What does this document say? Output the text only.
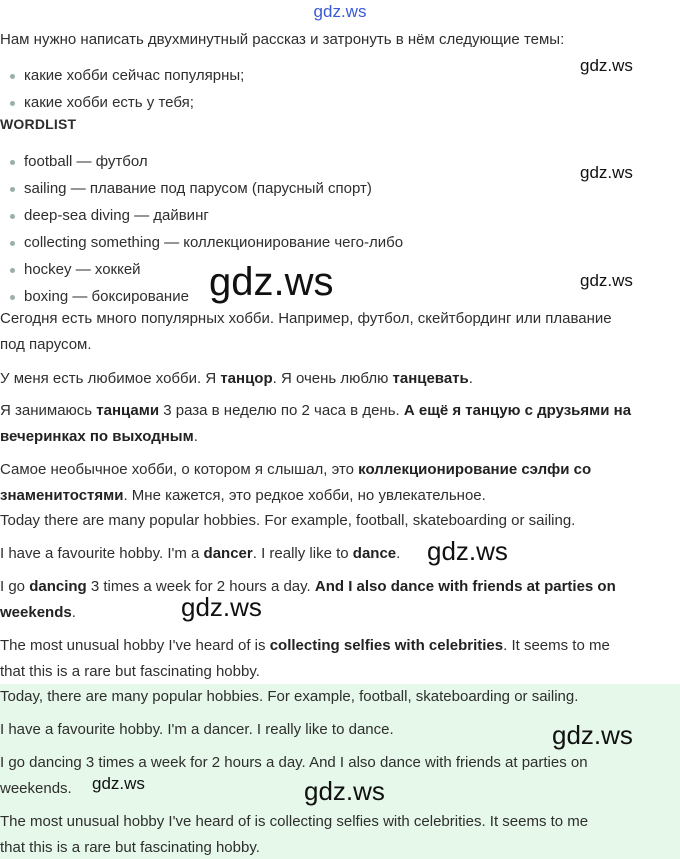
gdz.ws
Нам нужно написать двухминутный рассказ и затронуть в нём следующие темы:
какие хобби сейчас популярны;
какие хобби есть у тебя;
WORDLIST
football — футбол
sailing — плавание под парусом (парусный спорт)
deep-sea diving — дайвинг
collecting something — коллекционирование чего-либо
hockey — хоккей
boxing — боксирование
Сегодня есть много популярных хобби. Например, футбол, скейтбординг или плавание
под парусом.
У меня есть любимое хобби. Я танцор. Я очень люблю танцевать.
Я занимаюсь танцами 3 раза в неделю по 2 часа в день. А ещё я танцую с друзьями на
вечеринках по выходным.
Самое необычное хобби, о котором я слышал, это коллекционирование сэлфи со
знаменитостями. Мне кажется, это редкое хобби, но увлекательное.
Today there are many popular hobbies. For example, football, skateboarding or sailing.
I have a favourite hobby. I'm a dancer. I really like to dance.
I go dancing 3 times a week for 2 hours a day. And I also dance with friends at parties on
weekends.
The most unusual hobby I've heard of is collecting selfies with celebrities. It seems to me
that this is a rare but fascinating hobby.
Today, there are many popular hobbies. For example, football, skateboarding or sailing.
I have a favourite hobby. I'm a dancer. I really like to dance.
I go dancing 3 times a week for 2 hours a day. And I also dance with friends at parties on
weekends.
The most unusual hobby I've heard of is collecting selfies with celebrities. It seems to me
that this is a rare but fascinating hobby.
gdz.ws
gdz.ws
gdz.ws
gdz.ws
gdz.ws
gdz.ws
gdz.ws
gdz.ws	gdz.ws
